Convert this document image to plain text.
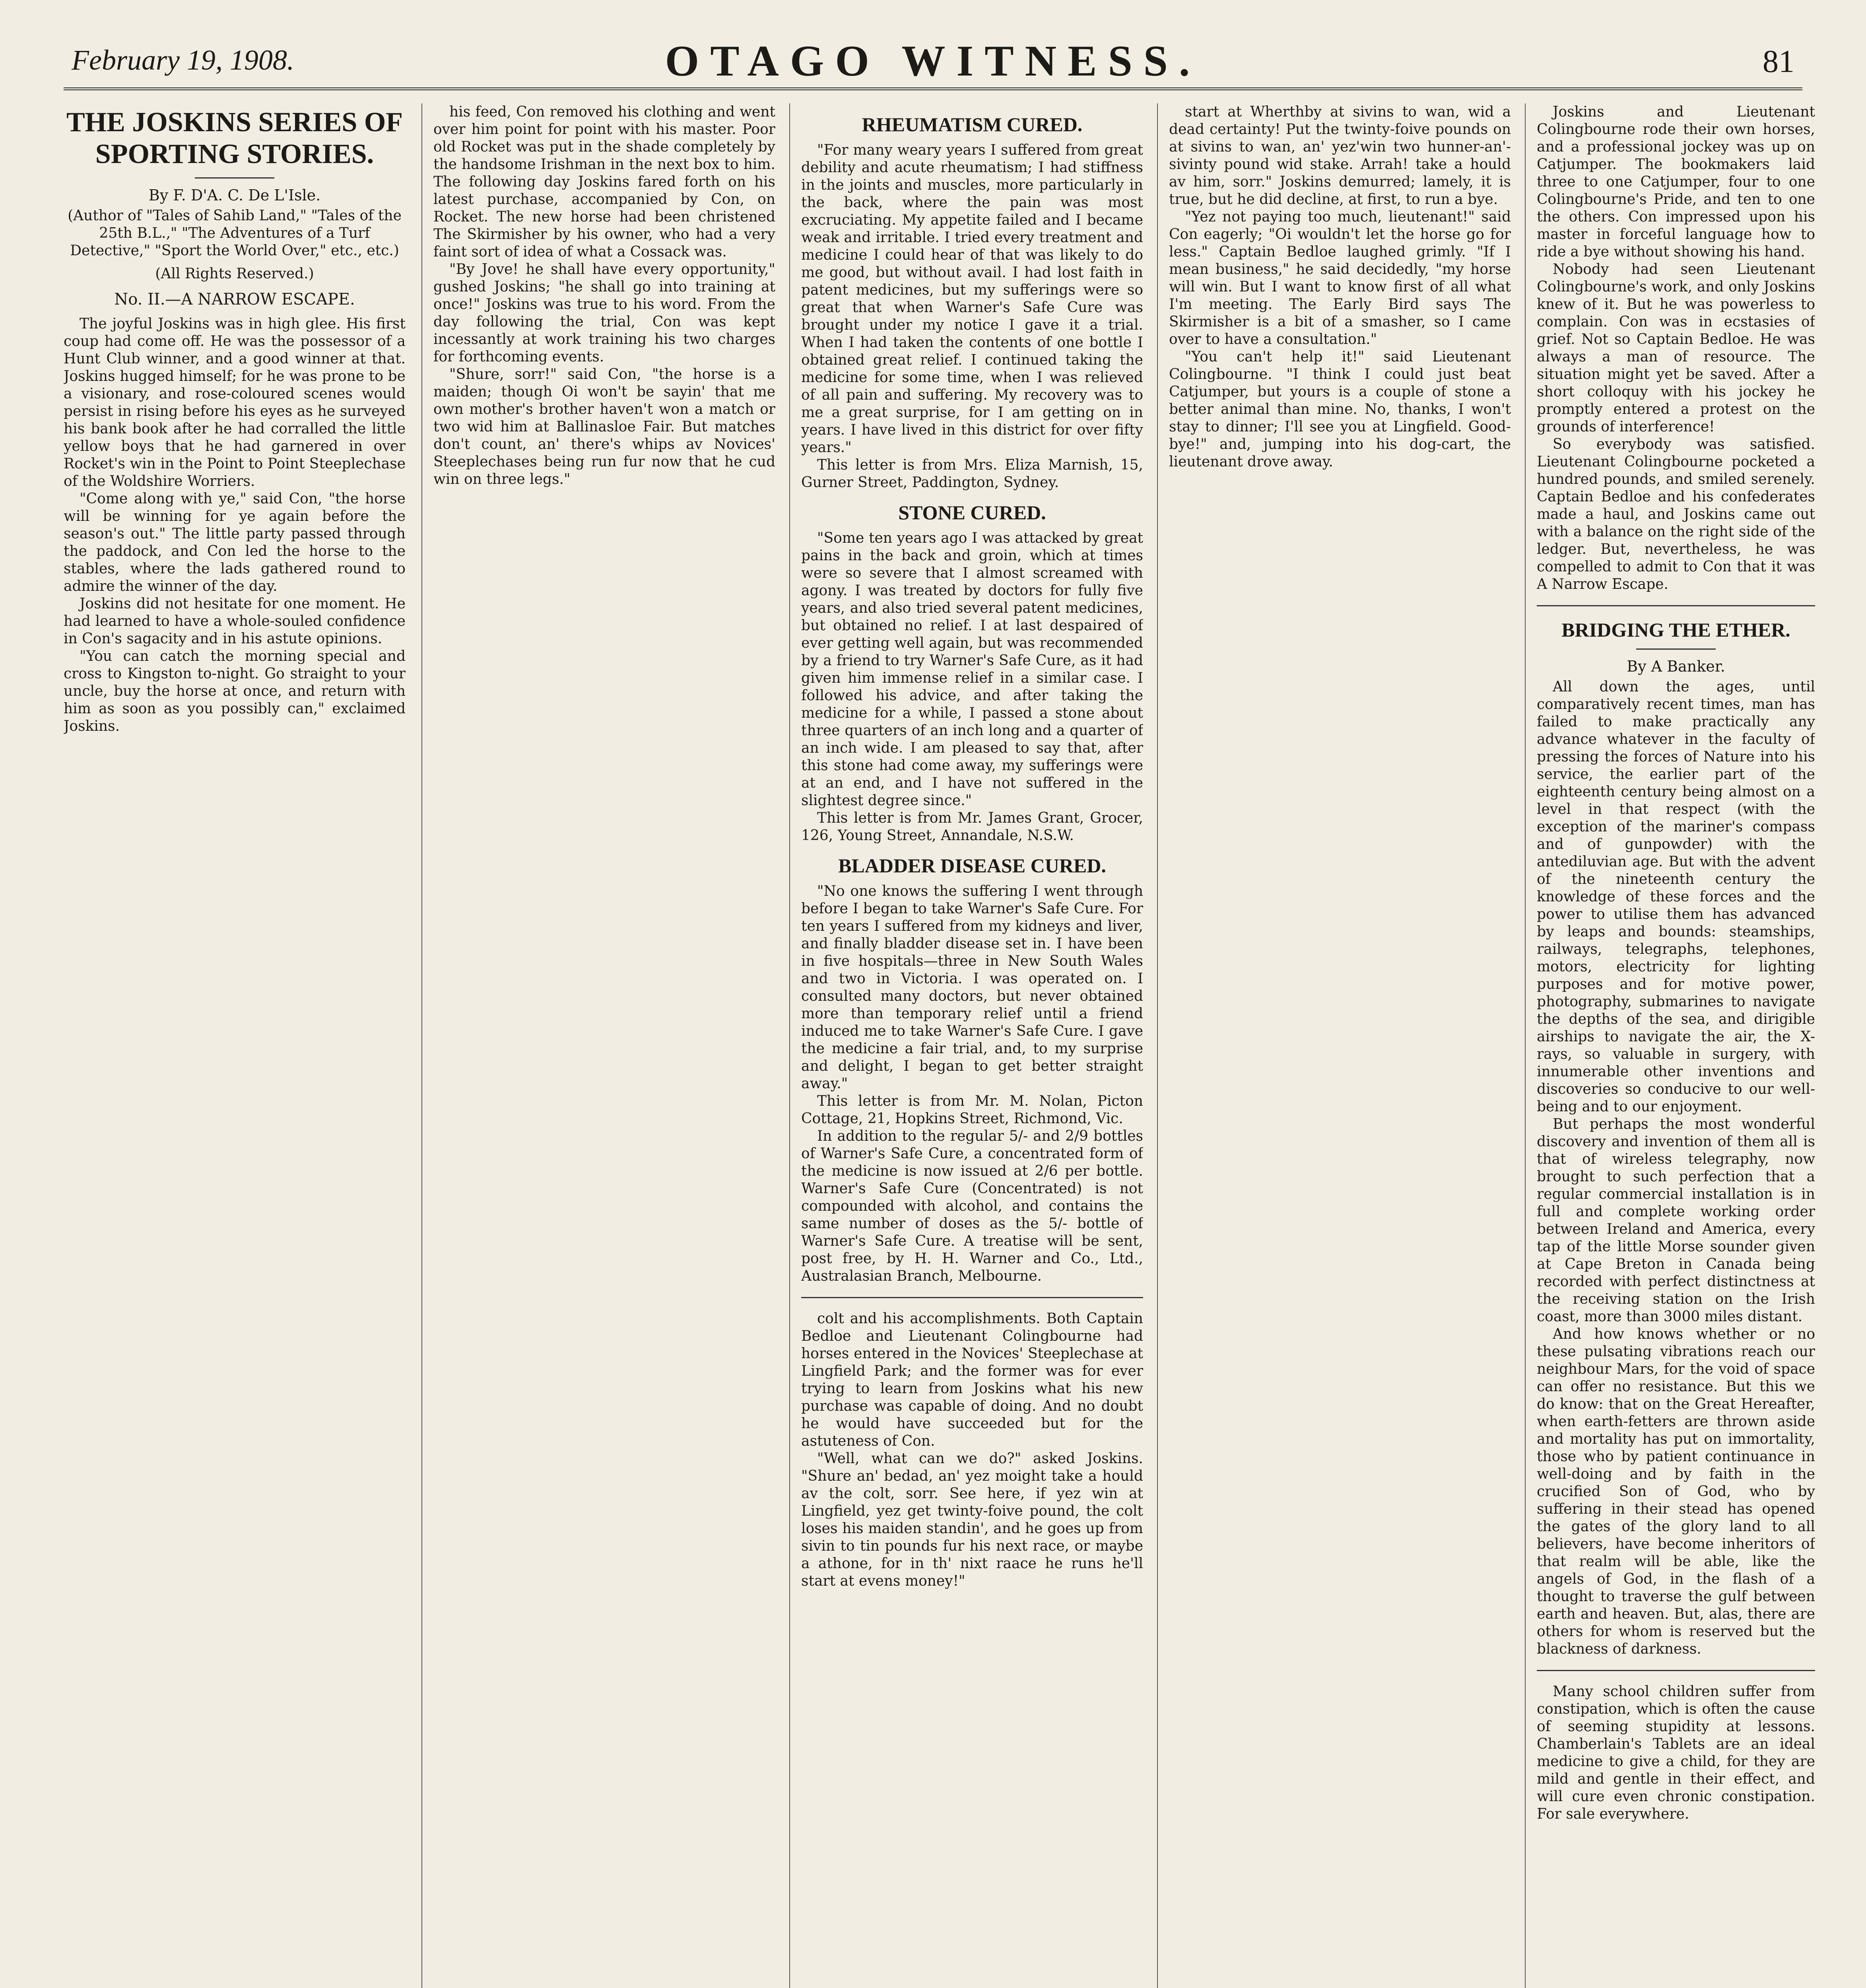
February 19, 1908.	OTAGO WITNESS.	81
THE JOSKINS SERIES OF SPORTING STORIES.
By F. D'A. C. De L'Isle.
(Author of "Tales of Sahib Land," "Tales of the 25th B.L.," "The Adventures of a Turf Detective," "Sport the World Over," etc., etc.)
(All Rights Reserved.)
No. II.—A NARROW ESCAPE.

The joyful Joskins was in high glee. His first coup had come off. He was the possessor of a Hunt Club winner, and a good winner at that. Joskins hugged himself; for he was prone to be a visionary, and rose-coloured scenes would persist in rising before his eyes as he surveyed his bank book after he had corralled the little yellow boys that he had garnered in over Rocket's win in the Point to Point Steeplechase of the Woldshire Worriers.

"Come along with ye," said Con, "the horse will be winning for ye again before the season's out." The little party passed through the paddock, and Con led the horse to the stables, where the lads gathered round to admire the winner of the day.

Joskins did not hesitate for one moment. He had learned to have a whole-souled confidence in Con's sagacity and in his astute opinions.

"You can catch the morning special and cross to Kingston to-night. Go straight to your uncle, buy the horse at once, and return with him as soon as you possibly can," exclaimed Joskins.

his feed, Con removed his clothing and went over him point for point with his master. Poor old Rocket was put in the shade completely by the handsome Irishman in the next box to him. The following day Joskins fared forth on his latest purchase, accompanied by Con, on Rocket. The new horse had been christened The Skirmisher by his owner, who had a very faint sort of idea of what a Cossack was.

"By Jove! he shall have every opportunity," gushed Joskins; "he shall go into training at once!" Joskins was true to his word. From the day following the trial, Con was kept incessantly at work training his two charges for forthcoming events.

"Shure, sorr!" said Con, "the horse is a maiden; though Oi won't be sayin' that me own mother's brother haven't won a match or two wid him at Ballinasloe Fair. But matches don't count, an' there's whips av Novices' Steeplechases being run fur now that he cud win on three legs."

RHEUMATISM CURED.

"For many weary years I suffered from great debility and acute rheumatism; I had stiffness in the joints and muscles, more particularly in the back, where the pain was most excruciating. My appetite failed and I became weak and irritable. I tried every treatment and medicine I could hear of that was likely to do me good, but without avail. I had lost faith in patent medicines, but my sufferings were so great that when Warner's Safe Cure was brought under my notice I gave it a trial. When I had taken the contents of one bottle I obtained great relief. I continued taking the medicine for some time, when I was relieved of all pain and suffering. My recovery was to me a great surprise, for I am getting on in years. I have lived in this district for over fifty years."

This letter is from Mrs. Eliza Marnish, 15, Gurner Street, Paddington, Sydney.

STONE CURED.

"Some ten years ago I was attacked by great pains in the back and groin, which at times were so severe that I almost screamed with agony. I was treated by doctors for fully five years, and also tried several patent medicines, but obtained no relief. I at last despaired of ever getting well again, but was recommended by a friend to try Warner's Safe Cure, as it had given him immense relief in a similar case. I followed his advice, and after taking the medicine for a while, I passed a stone about three quarters of an inch long and a quarter of an inch wide. I am pleased to say that, after this stone had come away, my sufferings were at an end, and I have not suffered in the slightest degree since."

This letter is from Mr. James Grant, Grocer, 126, Young Street, Annandale, N.S.W.

BLADDER DISEASE CURED.

"No one knows the suffering I went through before I began to take Warner's Safe Cure. For ten years I suffered from my kidneys and liver, and finally bladder disease set in. I have been in five hospitals—three in New South Wales and two in Victoria. I was operated on. I consulted many doctors, but never obtained more than temporary relief until a friend induced me to take Warner's Safe Cure. I gave the medicine a fair trial, and, to my surprise and delight, I began to get better straight away."

This letter is from Mr. M. Nolan, Picton Cottage, 21, Hopkins Street, Richmond, Vic.

In addition to the regular 5/- and 2/9 bottles of Warner's Safe Cure, a concentrated form of the medicine is now issued at 2/6 per bottle. Warner's Safe Cure (Concentrated) is not compounded with alcohol, and contains the same number of doses as the 5/- bottle of Warner's Safe Cure. A treatise will be sent, post free, by H. H. Warner and Co., Ltd., Australasian Branch, Melbourne.

colt and his accomplishments. Both Captain Bedloe and Lieutenant Colingbourne had horses entered in the Novices' Steeplechase at Lingfield Park; and the former was for ever trying to learn from Joskins what his new purchase was capable of doing. And no doubt he would have succeeded but for the astuteness of Con.

"Well, what can we do?" asked Joskins. "Shure an' bedad, an' yez moight take a hould av the colt, sorr. See here, if yez win at Lingfield, yez get twinty-foive pound, the colt loses his maiden standin', and he goes up from sivin to tin pounds fur his next race, or maybe a athone, for in th' nixt raace he runs he'll start at evens money!"

start at Wherthby at sivins to wan, wid a dead certainty! Put the twinty-foive pounds on at sivins to wan, an' yez'win two hunner-an'-sivinty pound wid stake. Arrah! take a hould av him, sorr." Joskins demurred; lamely, it is true, but he did decline, at first, to run a bye.

"Yez not paying too much, lieutenant!" said Con eagerly; "Oi wouldn't let the horse go for less." Captain Bedloe laughed grimly. "If I mean business," he said decidedly, "my horse will win. But I want to know first of all what I'm meeting. The Early Bird says The Skirmisher is a bit of a smasher, so I came over to have a consultation."

"You can't help it!" said Lieutenant Colingbourne. "I think I could just beat Catjumper, but yours is a couple of stone a better animal than mine. No, thanks, I won't stay to dinner; I'll see you at Lingfield. Good-bye!" and, jumping into his dog-cart, the lieutenant drove away.

Joskins and Lieutenant Colingbourne rode their own horses, and a professional jockey was up on Catjumper. The bookmakers laid three to one Catjumper, four to one Colingbourne's Pride, and ten to one the others. Con impressed upon his master in forceful language how to ride a bye without showing his hand.

Nobody had seen Lieutenant Colingbourne's work, and only Joskins knew of it. But he was powerless to complain. Con was in ecstasies of grief. Not so Captain Bedloe. He was always a man of resource. The situation might yet be saved. After a short colloquy with his jockey he promptly entered a protest on the grounds of interference!

So everybody was satisfied. Lieutenant Colingbourne pocketed a hundred pounds, and smiled serenely. Captain Bedloe and his confederates made a haul, and Joskins came out with a balance on the right side of the ledger. But, nevertheless, he was compelled to admit to Con that it was A Narrow Escape.

BRIDGING THE ETHER.
By A Banker.

All down the ages, until comparatively recent times, man has failed to make practically any advance whatever in the faculty of pressing the forces of Nature into his service, the earlier part of the eighteenth century being almost on a level in that respect (with the exception of the mariner's compass and of gunpowder) with the antediluvian age. But with the advent of the nineteenth century the knowledge of these forces and the power to utilise them has advanced by leaps and bounds: steamships, railways, telegraphs, telephones, motors, electricity for lighting purposes and for motive power, photography, submarines to navigate the depths of the sea, and dirigible airships to navigate the air, the X-rays, so valuable in surgery, with innumerable other inventions and discoveries so conducive to our well-being and to our enjoyment.

But perhaps the most wonderful discovery and invention of them all is that of wireless telegraphy, now brought to such perfection that a regular commercial installation is in full and complete working order between Ireland and America, every tap of the little Morse sounder given at Cape Breton in Canada being recorded with perfect distinctness at the receiving station on the Irish coast, more than 3000 miles distant.

And how knows whether or no these pulsating vibrations reach our neighbour Mars, for the void of space can offer no resistance. But this we do know: that on the Great Hereafter, when earth-fetters are thrown aside and mortality has put on immortality, those who by patient continuance in well-doing and by faith in the crucified Son of God, who by suffering in their stead has opened the gates of the glory land to all believers, have become inheritors of that realm will be able, like the angels of God, in the flash of a thought to traverse the gulf between earth and heaven. But, alas, there are others for whom is reserved but the blackness of darkness.

Many school children suffer from constipation, which is often the cause of seeming stupidity at lessons. Chamberlain's Tablets are an ideal medicine to give a child, for they are mild and gentle in their effect, and will cure even chronic constipation. For sale everywhere.
